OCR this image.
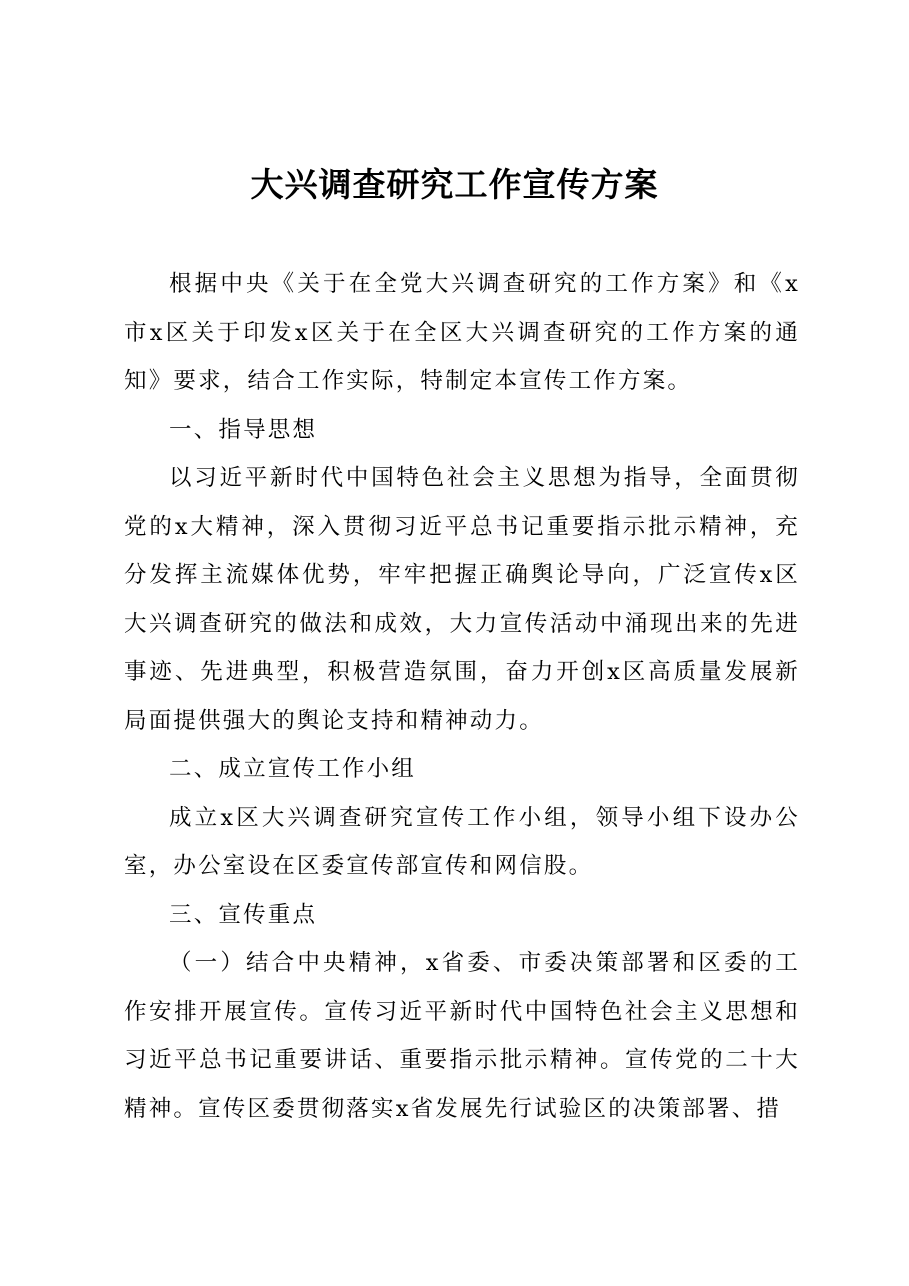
大兴调查研究工作宣传方案

根据中央《关于在全党大兴调查研究的工作方案》和《x市x区关于印发x区关于在全区大兴调查研究的工作方案的通知》要求，结合工作实际，特制定本宣传工作方案。

一、指导思想

以习近平新时代中国特色社会主义思想为指导，全面贯彻党的x大精神，深入贯彻习近平总书记重要指示批示精神，充分发挥主流媒体优势，牢牢把握正确舆论导向，广泛宣传x区大兴调查研究的做法和成效，大力宣传活动中涌现出来的先进事迹、先进典型，积极营造氛围，奋力开创x区高质量发展新局面提供强大的舆论支持和精神动力。

二、成立宣传工作小组

成立x区大兴调查研究宣传工作小组，领导小组下设办公室，办公室设在区委宣传部宣传和网信股。

三、宣传重点

（一）结合中央精神，x省委、市委决策部署和区委的工作安排开展宣传。宣传习近平新时代中国特色社会主义思想和习近平总书记重要讲话、重要指示批示精神。宣传党的二十大精神。宣传区委贯彻落实x省发展先行试验区的决策部署、措
